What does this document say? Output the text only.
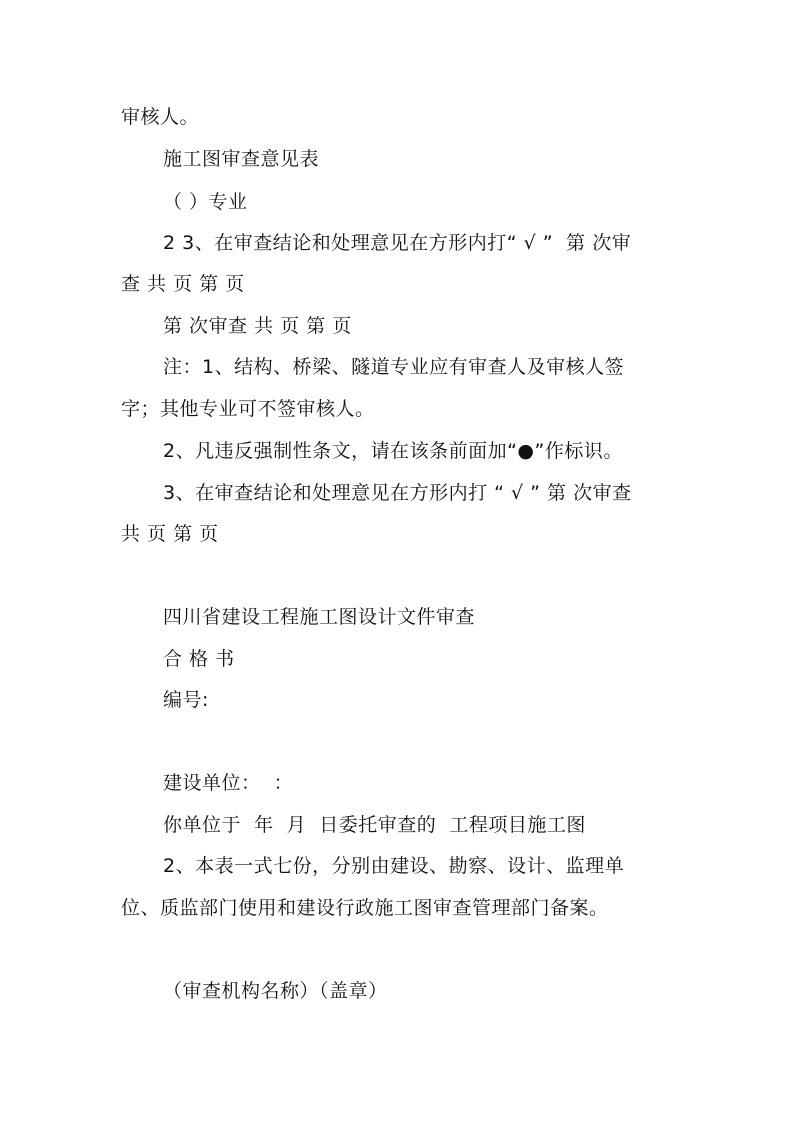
审核人。
施工图审查意见表
（ ）专业
2 3、在审查结论和处理意见在方形内打“ √ ”  第 次审
查 共 页 第 页
第 次审查 共 页 第 页
注：1、结构、桥梁、隧道专业应有审查人及审核人签
字；其他专业可不签审核人。
2、凡违反强制性条文，请在该条前面加“●”作标识。
3、在审查结论和处理意见在方形内打 “ √ ” 第 次审查
共 页 第 页
四川省建设工程施工图设计文件审查
合 格 书
编号:
建设单位：  ：
你单位于  年  月  日委托审查的  工程项目施工图
2、本表一式七份，分别由建设、勘察、设计、监理单
位、质监部门使用和建设行政施工图审查管理部门备案。
（审查机构名称）（盖章）
